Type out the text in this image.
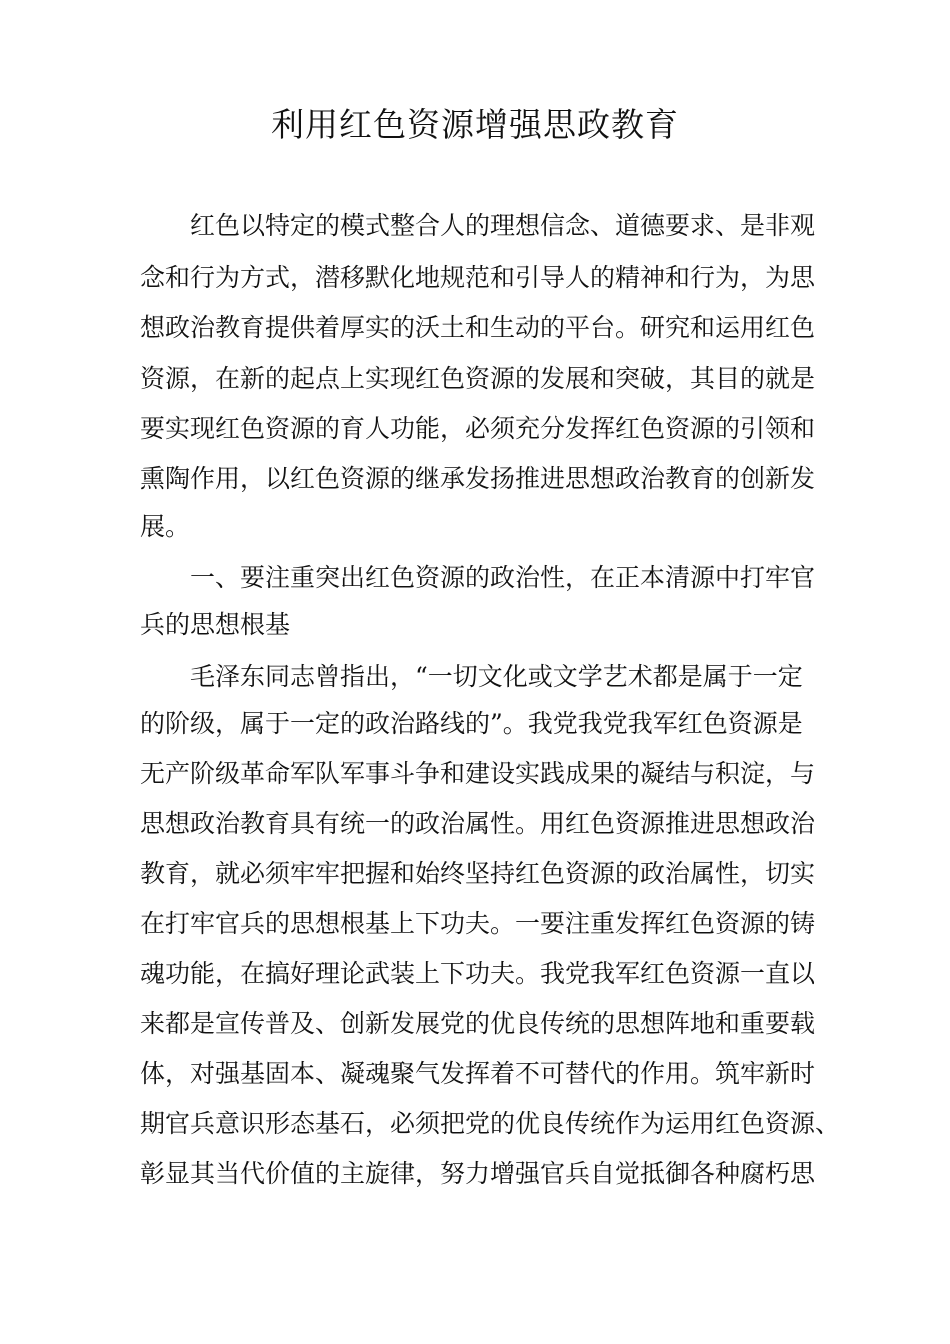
利用红色资源增强思政教育

红色以特定的模式整合人的理想信念、道德要求、是非观

念和行为方式，潜移默化地规范和引导人的精神和行为，为思

想政治教育提供着厚实的沃土和生动的平台。研究和运用红色

资源，在新的起点上实现红色资源的发展和突破，其目的就是

要实现红色资源的育人功能，必须充分发挥红色资源的引领和

熏陶作用，以红色资源的继承发扬推进思想政治教育的创新发

展。

一、要注重突出红色资源的政治性，在正本清源中打牢官

兵的思想根基

毛泽东同志曾指出，“一切文化或文学艺术都是属于一定

的阶级，属于一定的政治路线的”。我党我党我军红色资源是

无产阶级革命军队军事斗争和建设实践成果的凝结与积淀，与

思想政治教育具有统一的政治属性。用红色资源推进思想政治

教育，就必须牢牢把握和始终坚持红色资源的政治属性，切实

在打牢官兵的思想根基上下功夫。一要注重发挥红色资源的铸

魂功能，在搞好理论武装上下功夫。我党我军红色资源一直以

来都是宣传普及、创新发展党的优良传统的思想阵地和重要载

体，对强基固本、凝魂聚气发挥着不可替代的作用。筑牢新时

期官兵意识形态基石，必须把党的优良传统作为运用红色资源、

彰显其当代价值的主旋律，努力增强官兵自觉抵御各种腐朽思
